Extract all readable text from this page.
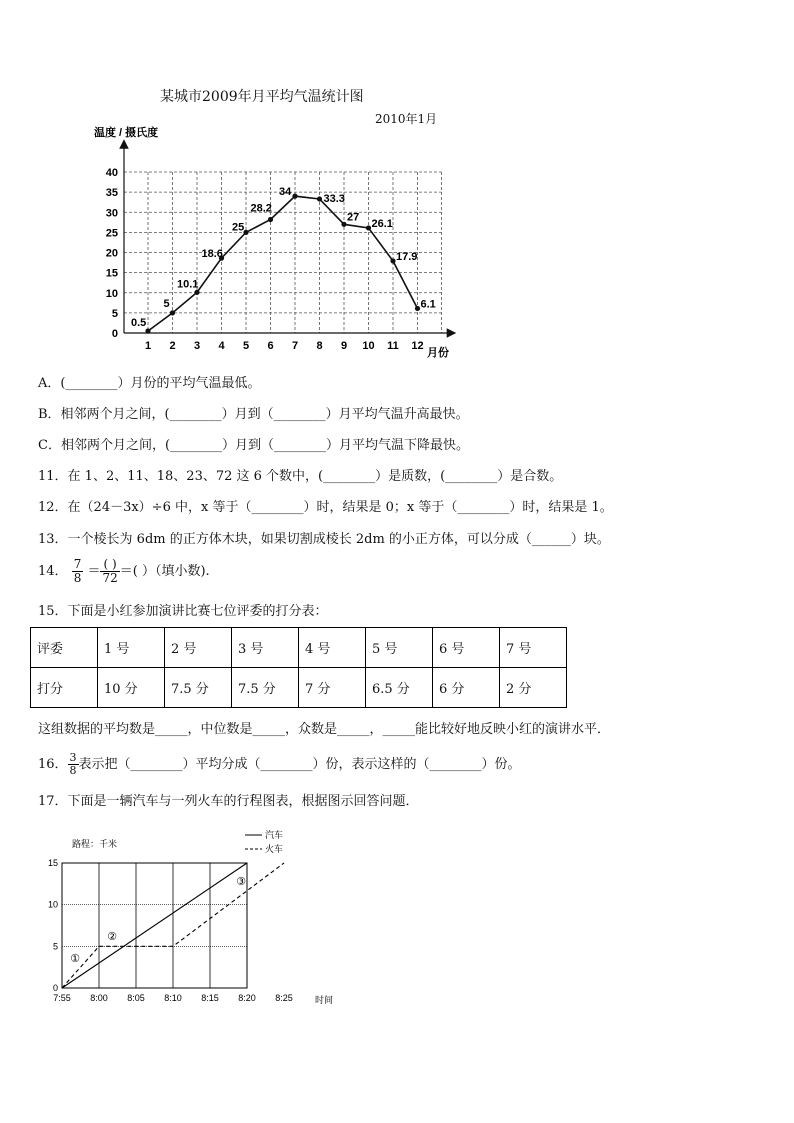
某城市2009年月平均气温统计图
2010年1月
温度 / 摄氏度
月份
0
5
10
15
20
25
30
35
40
1 2 3 4 5 6 7 8 9 10 11 12
0.5
5
10.1
18.6
25
28.2
34
33.3
27
26.1
17.9
6.1
A．(________）月份的平均气温最低。
B．相邻两个月之间，(________）月到（________）月平均气温升高最快。
C．相邻两个月之间，(________）月到（________）月平均气温下降最快。
11．在 1、2、11、18、23、72 这 6 个数中，(________）是质数，(________）是合数。
12．在（24－3x）÷6 中，x 等于（________）时，结果是 0；x 等于（________）时，结果是 1。
13．一个棱长为 6dm 的正方体木块，如果切割成棱长 2dm 的小正方体，可以分成（______）块。
14． $\frac{7}{8} = \frac{( )}{72}$ ＝( ）（填小数).
15．下面是小红参加演讲比赛七位评委的打分表：
评委	1 号	2 号	3 号	4 号	5 号	6 号	7 号
打分	10 分	7.5 分	7.5 分	7 分	6.5 分	6 分	2 分
这组数据的平均数是_____，中位数是_____，众数是_____，_____能比较好地反映小红的演讲水平．
16． $\frac{3}{8}$ 表示把（________）平均分成（________）份，表示这样的（________）份。
17．下面是一辆汽车与一列火车的行程图表，根据图示回答问题．
路程：千米
汽车
火车
时间
0
5
10
15
7:55 8:00 8:05 8:10 8:15 8:20 8:25
①
②
③
